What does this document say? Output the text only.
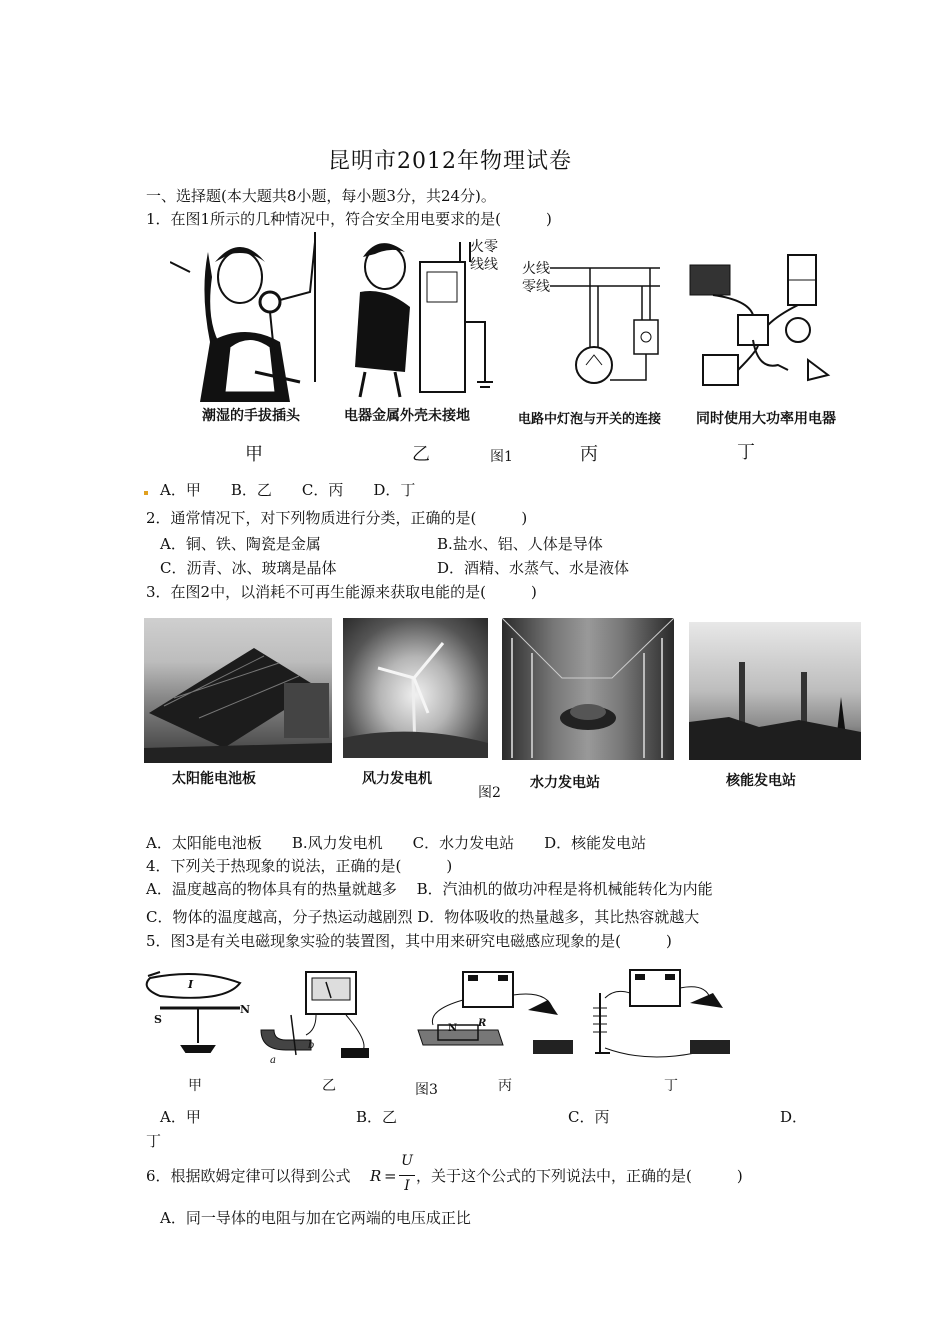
昆明市2012年物理试卷
一、选择题(本大题共8小题，每小题3分，共24分)。
1．在图1所示的几种情况中，符合安全用电要求的是(　　　)
潮湿的手拔插头
甲
火零
线线
电器金属外壳未接地
乙
火线
零线
电路中灯泡与开关的连接
丙
同时使用大功率用电器
丁
图1
A．甲　　B．乙　　C．丙　　D．丁
2．通常情况下，对下列物质进行分类，正确的是(　　　)
A．铜、铁、陶瓷是金属	B.盐水、铝、人体是导体
C．沥青、冰、玻璃是晶体	D．酒精、水蒸气、水是液体
3．在图2中，以消耗不可再生能源来获取电能的是(　　　)
太阳能电池板	风力发电机	水力发电站	核能发电站
图2
A．太阳能电池板　　B.风力发电机　　C．水力发电站　　D．核能发电站
4．下列关于热现象的说法，正确的是(　　　)
A．温度越高的物体具有的热量就越多　 B．汽油机的做功冲程是将机械能转化为内能
C．物体的温度越高，分子热运动越剧烈 D．物体吸收的热量越多，其比热容就越大
5．图3是有关电磁现象实验的装置图，其中用来研究电磁感应现象的是(　　　)
S
N
I
a
b
N R
甲	乙	图3	丙	丁
A．甲	B．乙	C．丙	D．
丁
6．根据欧姆定律可以得到公式 R =
U
I
，关于这个公式的下列说法中，正确的是(　　　)
A．同一导体的电阻与加在它两端的电压成正比
